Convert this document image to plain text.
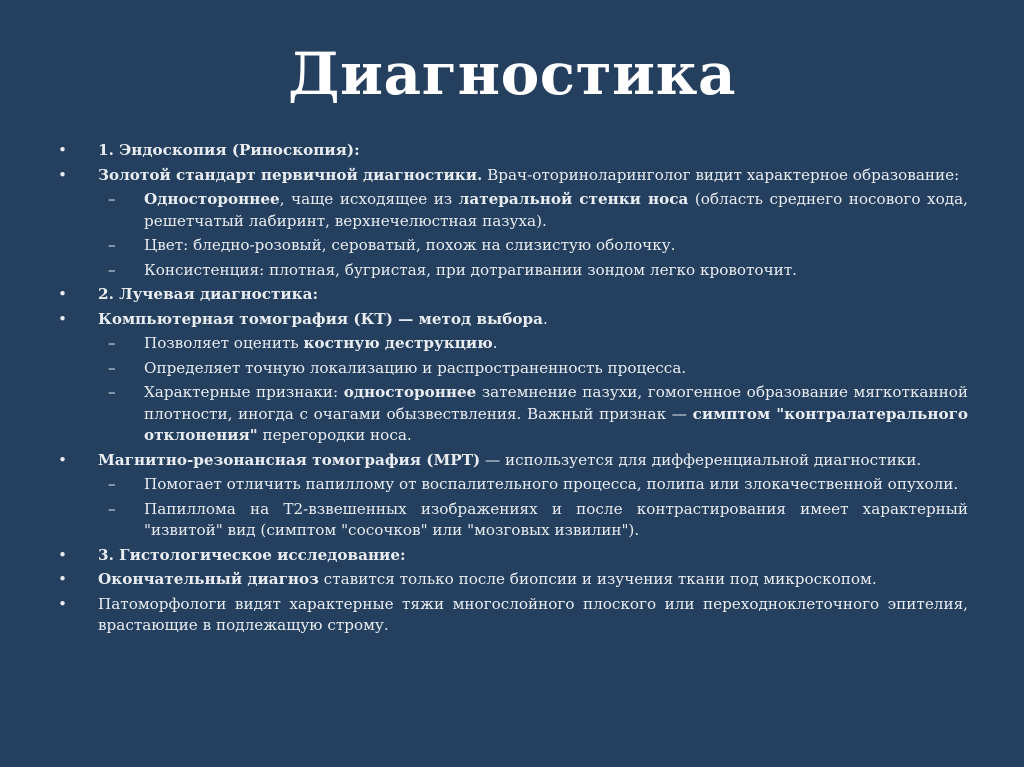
Диагностика
• 1. Эндоскопия (Риноскопия):
• Золотой стандарт первичной диагностики. Врач-оториноларинголог видит характерное образование:
– Одностороннее, чаще исходящее из латеральной стенки носа (область среднего носового хода, решетчатый лабиринт, верхнечелюстная пазуха).
– Цвет: бледно-розовый, сероватый, похож на слизистую оболочку.
– Консистенция: плотная, бугристая, при дотрагивании зондом легко кровоточит.
• 2. Лучевая диагностика:
• Компьютерная томография (КТ) — метод выбора.
– Позволяет оценить костную деструкцию.
– Определяет точную локализацию и распространенность процесса.
– Характерные признаки: одностороннее затемнение пазухи, гомогенное образование мягкотканной плотности, иногда с очагами обызвествления. Важный признак — симптом "контралатерального отклонения" перегородки носа.
• Магнитно-резонансная томография (МРТ) — используется для дифференциальной диагностики.
– Помогает отличить папиллому от воспалительного процесса, полипа или злокачественной опухоли.
– Папиллома на Т2-взвешенных изображениях и после контрастирования имеет характерный "извитой" вид (симптом "сосочков" или "мозговых извилин").
• 3. Гистологическое исследование:
• Окончательный диагноз ставится только после биопсии и изучения ткани под микроскопом.
• Патоморфологи видят характерные тяжи многослойного плоского или переходноклеточного эпителия, врастающие в подлежащую строму.
